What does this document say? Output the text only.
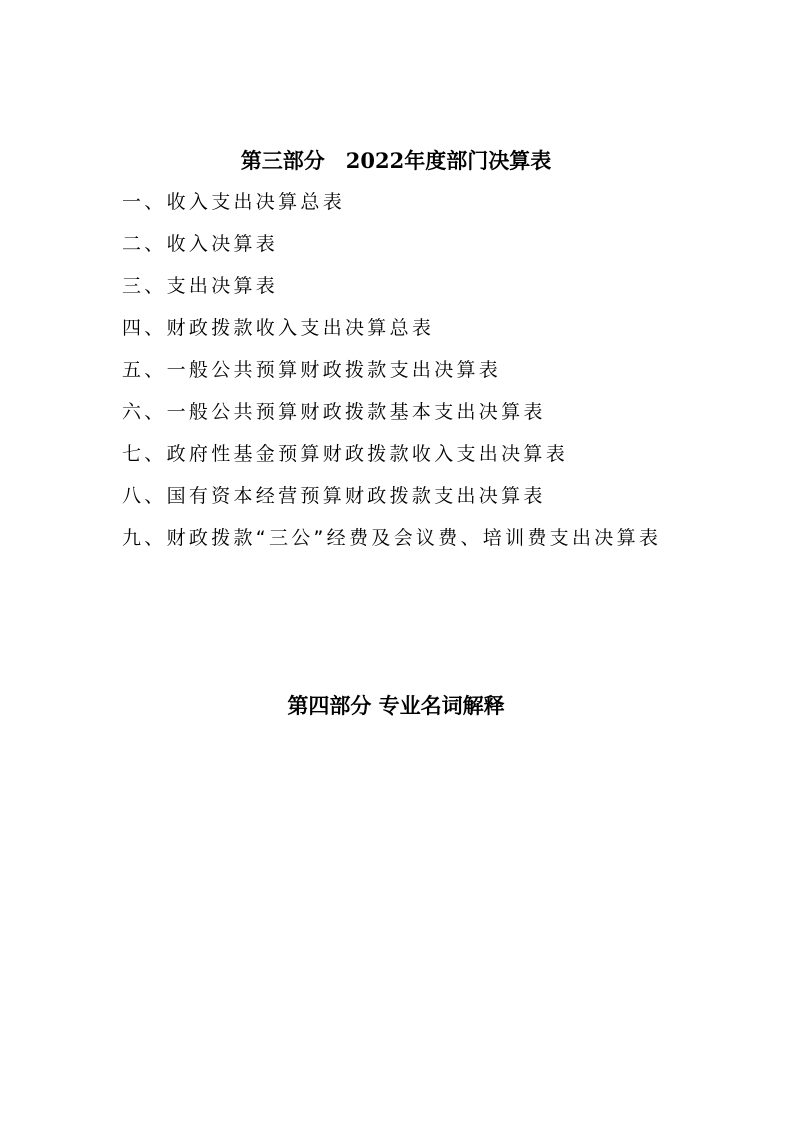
第三部分　2022年度部门决算表
一、收入支出决算总表
二、收入决算表
三、支出决算表
四、财政拨款收入支出决算总表
五、一般公共预算财政拨款支出决算表
六、一般公共预算财政拨款基本支出决算表
七、政府性基金预算财政拨款收入支出决算表
八、国有资本经营预算财政拨款支出决算表
九、财政拨款“三公”经费及会议费、培训费支出决算表
第四部分 专业名词解释
